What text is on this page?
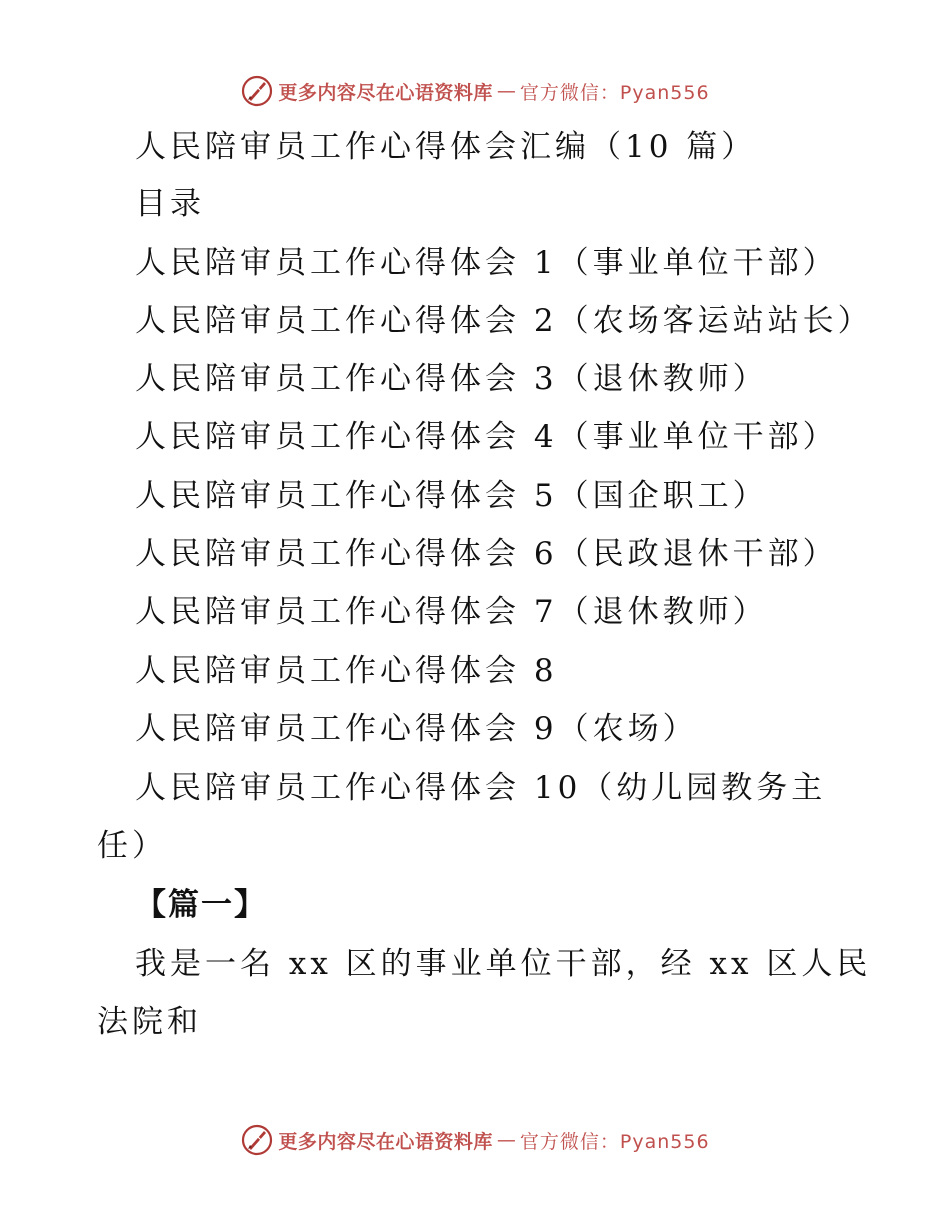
更多内容尽在心语资料库 — 官方微信：Pyan556
人民陪审员工作心得体会汇编（10 篇）
目录
人民陪审员工作心得体会 1（事业单位干部）
人民陪审员工作心得体会 2（农场客运站站长）
人民陪审员工作心得体会 3（退休教师）
人民陪审员工作心得体会 4（事业单位干部）
人民陪审员工作心得体会 5（国企职工）
人民陪审员工作心得体会 6（民政退休干部）
人民陪审员工作心得体会 7（退休教师）
人民陪审员工作心得体会 8
人民陪审员工作心得体会 9（农场）
人民陪审员工作心得体会 10（幼儿园教务主
任）
【篇一】
我是一名 xx 区的事业单位干部，经 xx 区人民
法院和
更多内容尽在心语资料库 — 官方微信：Pyan556
